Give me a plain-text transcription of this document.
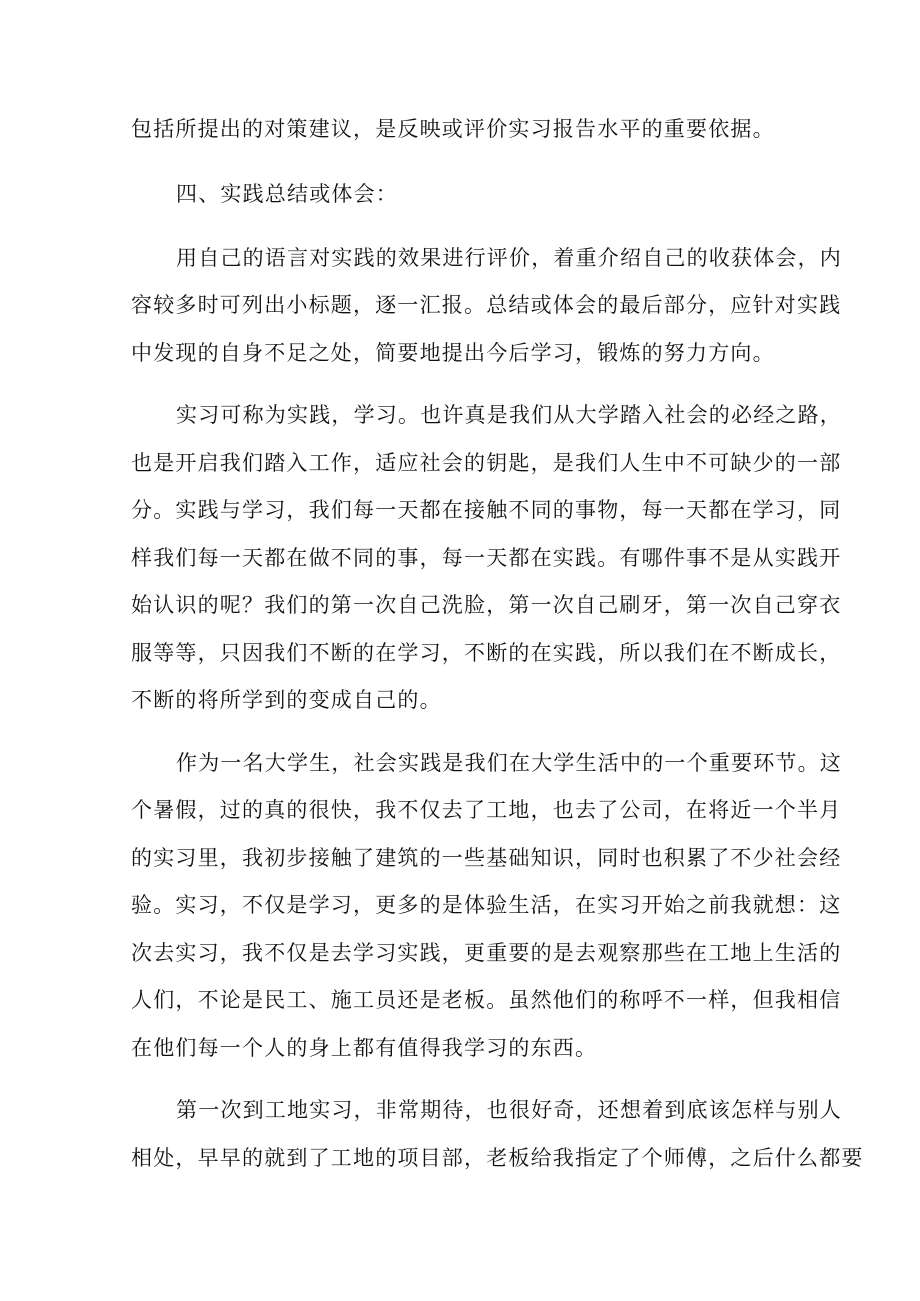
包括所提出的对策建议，是反映或评价实习报告水平的重要依据。
四、实践总结或体会：
用自己的语言对实践的效果进行评价，着重介绍自己的收获体会，内
容较多时可列出小标题，逐一汇报。总结或体会的最后部分，应针对实践
中发现的自身不足之处，简要地提出今后学习，锻炼的努力方向。
实习可称为实践，学习。也许真是我们从大学踏入社会的必经之路，
也是开启我们踏入工作，适应社会的钥匙，是我们人生中不可缺少的一部
分。实践与学习，我们每一天都在接触不同的事物，每一天都在学习，同
样我们每一天都在做不同的事，每一天都在实践。有哪件事不是从实践开
始认识的呢？我们的第一次自己洗脸，第一次自己刷牙，第一次自己穿衣
服等等，只因我们不断的在学习，不断的在实践，所以我们在不断成长，
不断的将所学到的变成自己的。
作为一名大学生，社会实践是我们在大学生活中的一个重要环节。这
个暑假，过的真的很快，我不仅去了工地，也去了公司，在将近一个半月
的实习里，我初步接触了建筑的一些基础知识，同时也积累了不少社会经
验。实习，不仅是学习，更多的是体验生活，在实习开始之前我就想：这
次去实习，我不仅是去学习实践，更重要的是去观察那些在工地上生活的
人们，不论是民工、施工员还是老板。虽然他们的称呼不一样，但我相信
在他们每一个人的身上都有值得我学习的东西。
第一次到工地实习，非常期待，也很好奇，还想着到底该怎样与别人
相处，早早的就到了工地的项目部，老板给我指定了个师傅，之后什么都要
